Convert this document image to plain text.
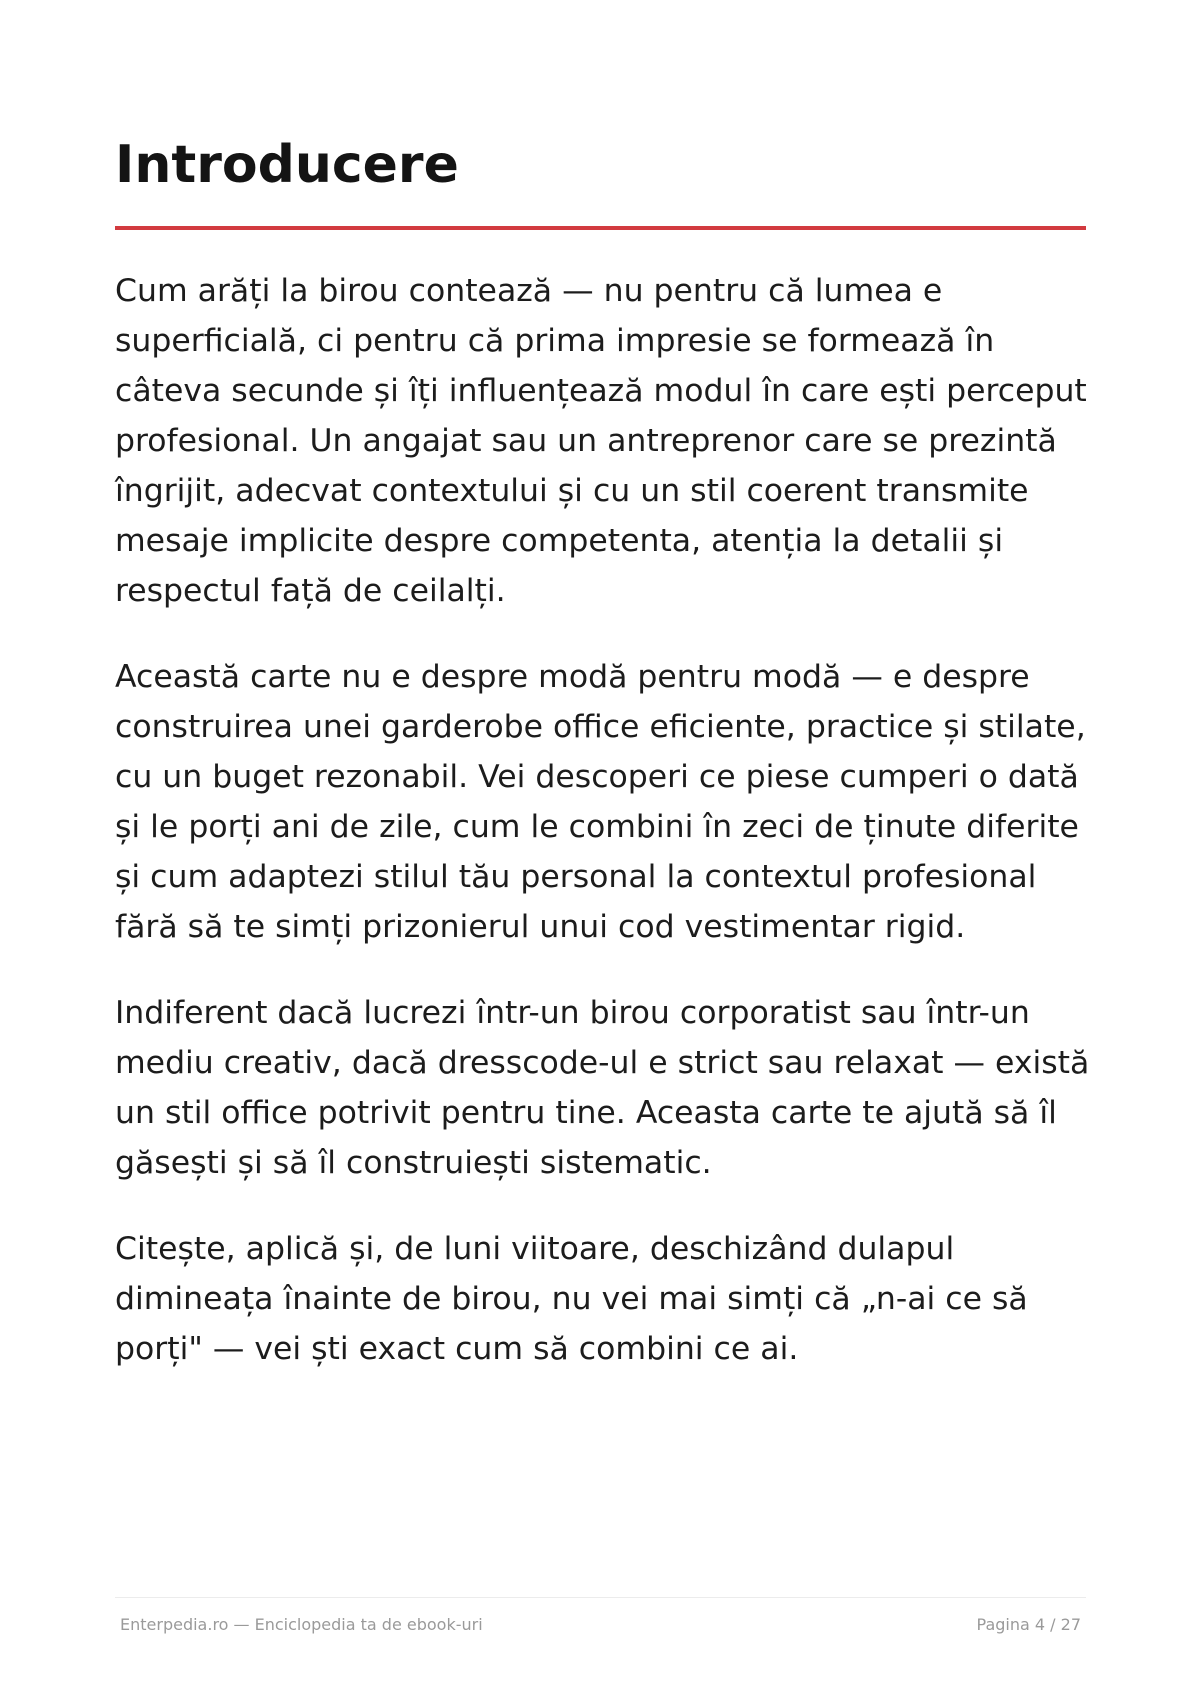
Introducere

Cum arăți la birou contează — nu pentru că lumea e superficială, ci pentru că prima impresie se formează în câteva secunde și îți influențează modul în care ești perceput profesional. Un angajat sau un antreprenor care se prezintă îngrijit, adecvat contextului și cu un stil coerent transmite mesaje implicite despre competenta, atenția la detalii și respectul față de ceilalți.

Această carte nu e despre modă pentru modă — e despre construirea unei garderobe office eficiente, practice și stilate, cu un buget rezonabil. Vei descoperi ce piese cumperi o dată și le porți ani de zile, cum le combini în zeci de ținute diferite și cum adaptezi stilul tău personal la contextul profesional fără să te simți prizonierul unui cod vestimentar rigid.

Indiferent dacă lucrezi într-un birou corporatist sau într-un mediu creativ, dacă dresscode-ul e strict sau relaxat — există un stil office potrivit pentru tine. Aceasta carte te ajută să îl găsești și să îl construiești sistematic.

Citește, aplică și, de luni viitoare, deschizând dulapul dimineața înainte de birou, nu vei mai simți că „n-ai ce să porți" — vei ști exact cum să combini ce ai.

Enterpedia.ro — Enciclopedia ta de ebook-uri	Pagina 4 / 27
